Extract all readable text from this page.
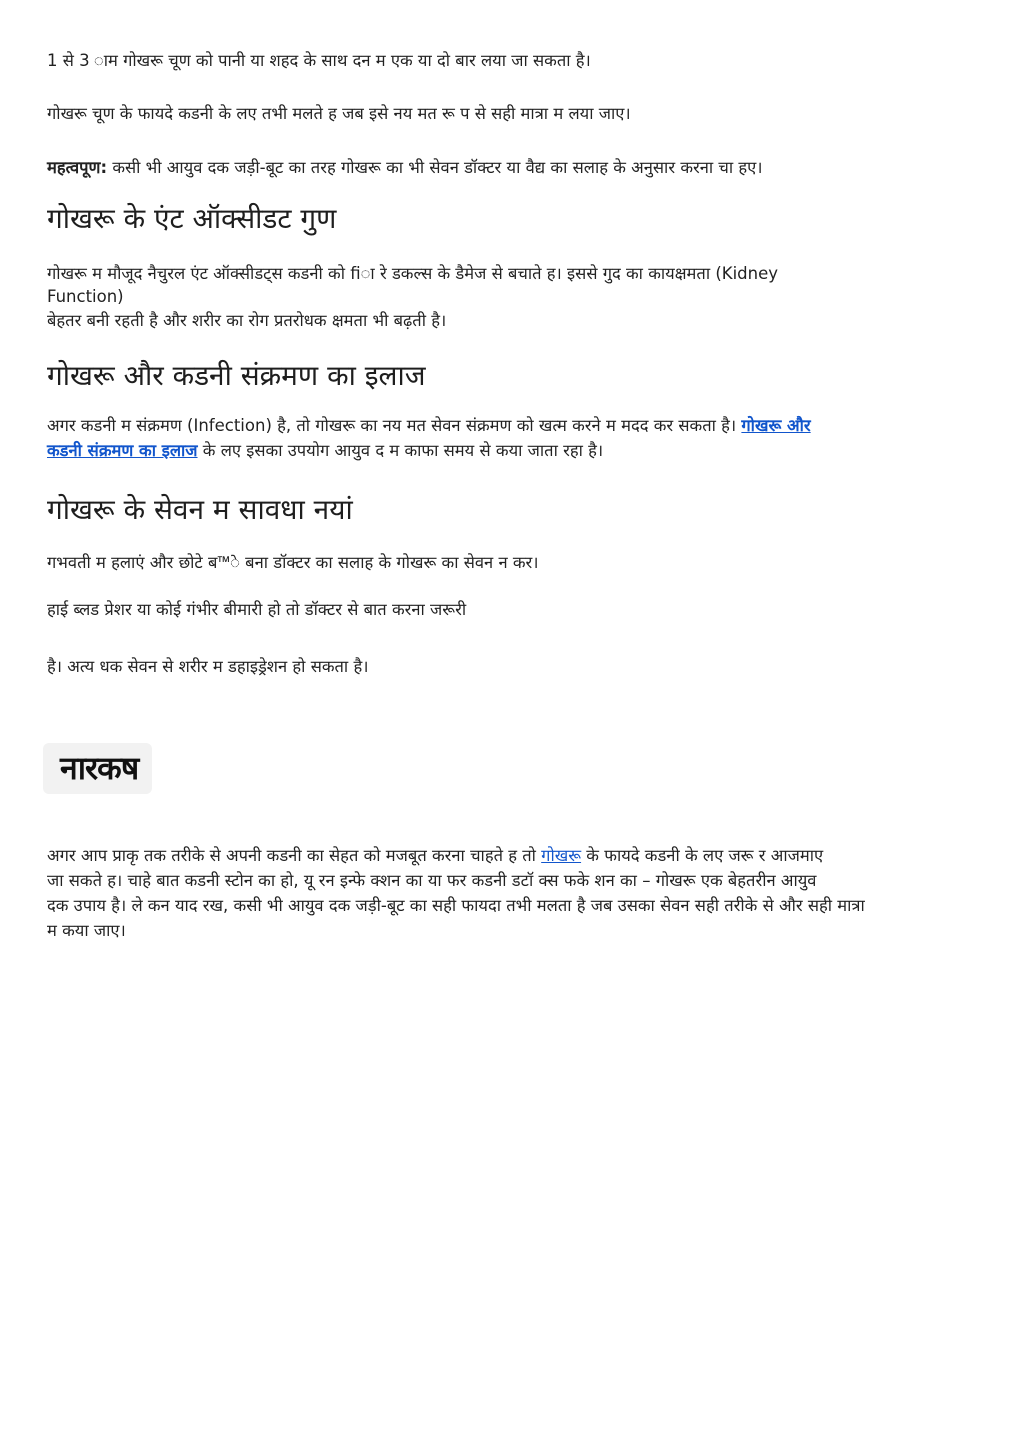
1 से 3 ाम गोखरू चूण को पानी या शहद के साथ दन म एक या दो बार लया जा सकता है।

गोखरू चूण के फायदे कडनी के लए तभी मलते ह जब इसे नय मत रू प से सही मात्रा म लया जाए।

महत्वपूण: कसी भी आयुव दक जड़ी-बूट का तरह गोखरू का भी सेवन डॉक्टर या वैद्य का सलाह के अनुसार करना चा हए।

गोखरू के एंट ऑक्सीडट गुण

गोखरू म मौजूद नैचुरल एंट ऑक्सीडट्स कडनी को fiा रे डकल्स के डैमेज से बचाते ह। इससे गुद का कायक्षमता (Kidney

Function)

बेहतर बनी रहती है और शरीर का रोग प्रतरोधक क्षमता भी बढ़ती है।

गोखरू और कडनी संक्रमण का इलाज

अगर कडनी म संक्रमण (Infection) है, तो गोखरू का नय मत सेवन संक्रमण को खत्म करने म मदद कर सकता है। गोखरू और

कडनी संक्रमण का इलाज के लए इसका उपयोग आयुव द म काफा समय से कया जाता रहा है।

गोखरू के सेवन म सावधा नयां

गभवती म हलाएं और छोटे ब™े बना डॉक्टर का सलाह के गोखरू का सेवन न कर।

हाई ब्लड प्रेशर या कोई गंभीर बीमारी हो तो डॉक्टर से बात करना जरूरी

है। अत्य धक सेवन से शरीर म डहाइड्रेशन हो सकता है।

अगर आप प्राकृ तक तरीके से अपनी कडनी का सेहत को मजबूत करना चाहते ह तो गोखरू के फायदे कडनी के लए जरू र आजमाए

जा सकते ह। चाहे बात कडनी स्टोन का हो, यू रन इन्फे क्शन का या फर कडनी डटॉ क्स फके शन का – गोखरू एक बेहतरीन आयुव

दक उपाय है। ले कन याद रख, कसी भी आयुव दक जड़ी-बूट का सही फायदा तभी मलता है जब उसका सेवन सही तरीके से और सही मात्रा

म कया जाए।

नारकष
